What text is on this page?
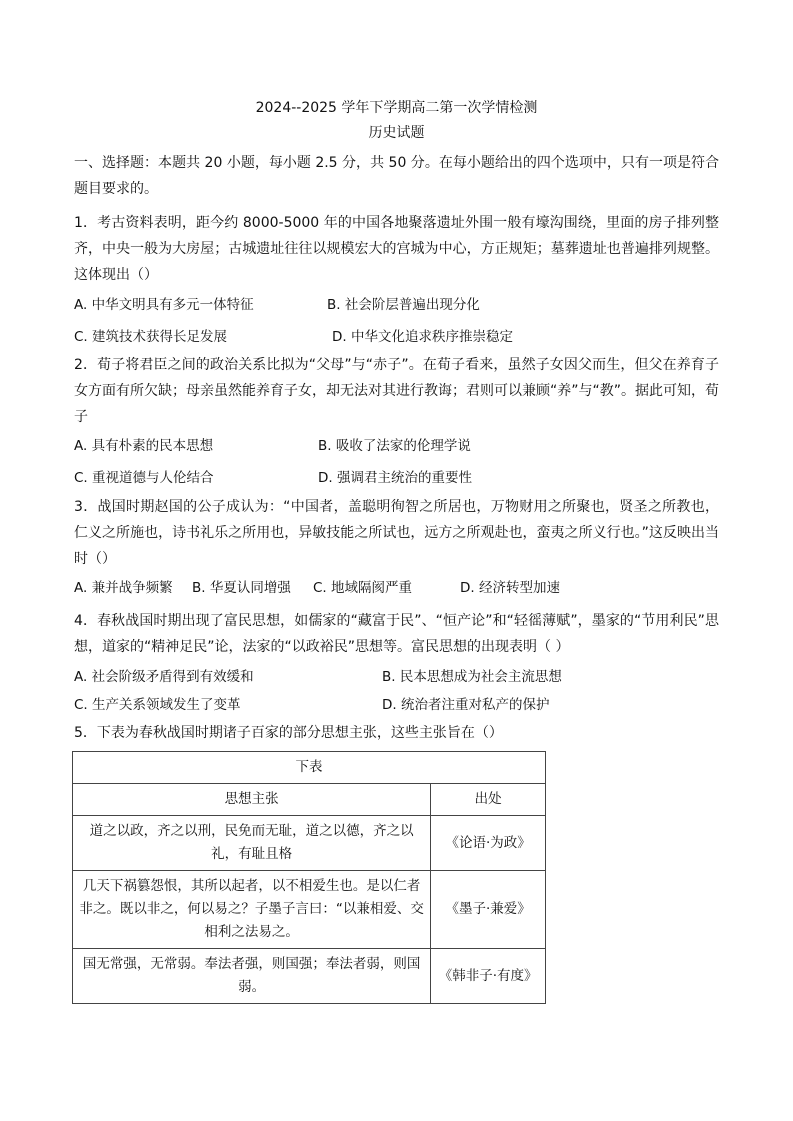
2024--2025 学年下学期高二第一次学情检测
历史试题
一、选择题：本题共 20 小题，每小题 2.5 分，共 50 分。在每小题给出的四个选项中，只有一项是符合题目要求的。
1．考古资料表明，距今约 8000-5000 年的中国各地聚落遗址外围一般有壕沟围绕，里面的房子排列整齐，中央一般为大房屋；古城遗址往往以规模宏大的宫城为中心，方正规矩；墓葬遗址也普遍排列规整。这体现出（）
A. 中华文明具有多元一体特征	B. 社会阶层普遍出现分化
C. 建筑技术获得长足发展	D. 中华文化追求秩序推崇稳定
2．荀子将君臣之间的政治关系比拟为“父母”与“赤子”。在荀子看来，虽然子女因父而生，但父在养育子女方面有所欠缺；母亲虽然能养育子女，却无法对其进行教诲；君则可以兼顾“养”与“教”。据此可知，荀子
A. 具有朴素的民本思想	B. 吸收了法家的伦理学说
C. 重视道德与人伦结合	D. 强调君主统治的重要性
3．战国时期赵国的公子成认为：“中国者，盖聪明徇智之所居也，万物财用之所聚也，贤圣之所教也，仁义之所施也，诗书礼乐之所用也，异敏技能之所试也，远方之所观赴也，蛮夷之所义行也。”这反映出当时（）
A. 兼并战争频繁 B. 华夏认同增强 C. 地域隔阂严重	D. 经济转型加速
4．春秋战国时期出现了富民思想，如儒家的“藏富于民”、“恒产论”和“轻徭薄赋”，墨家的“节用利民”思想，道家的“精神足民”论，法家的“以政裕民”思想等。富民思想的出现表明（ ）
A. 社会阶级矛盾得到有效缓和	B. 民本思想成为社会主流思想
C. 生产关系领域发生了变革	D. 统治者注重对私产的保护
5．下表为春秋战国时期诸子百家的部分思想主张，这些主张旨在（）
下表	
思想主张	出处
道之以政，齐之以刑，民免而无耻，道之以德，齐之以礼，有耻且格	《论语·为政》
几天下祸篡怨恨，其所以起者，以不相爱生也。是以仁者非之。既以非之，何以易之？子墨子言曰：“以兼相爱、交相利之法易之。	《墨子·兼爱》
国无常强，无常弱。奉法者强，则国强；奉法者弱，则国弱。	《韩非子·有度》
